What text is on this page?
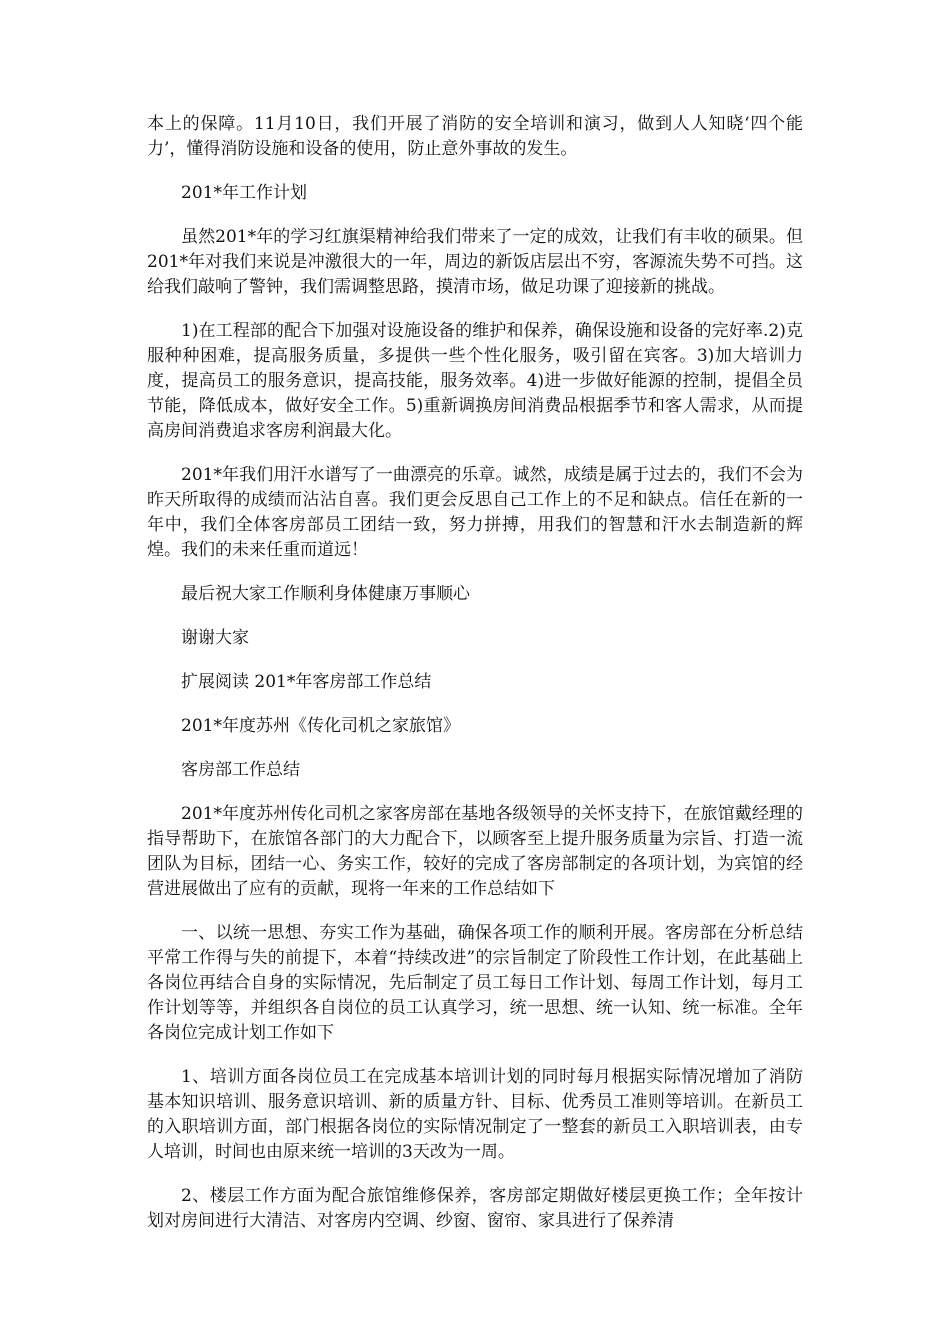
本上的保障。11月10日，我们开展了消防的安全培训和演习，做到人人知晓‘四个能力’，懂得消防设施和设备的使用，防止意外事故的发生。

201*年工作计划

虽然201*年的学习红旗渠精神给我们带来了一定的成效，让我们有丰收的硕果。但201*年对我们来说是冲激很大的一年，周边的新饭店层出不穷，客源流失势不可挡。这给我们敲响了警钟，我们需调整思路，摸清市场，做足功课了迎接新的挑战。

1)在工程部的配合下加强对设施设备的维护和保养，确保设施和设备的完好率.2)克服种种困难，提高服务质量，多提供一些个性化服务，吸引留在宾客。3)加大培训力度，提高员工的服务意识，提高技能，服务效率。4)进一步做好能源的控制，提倡全员节能，降低成本，做好安全工作。5)重新调换房间消费品根据季节和客人需求，从而提高房间消费追求客房利润最大化。

201*年我们用汗水谱写了一曲漂亮的乐章。诚然，成绩是属于过去的，我们不会为昨天所取得的成绩而沾沾自喜。我们更会反思自己工作上的不足和缺点。信任在新的一年中，我们全体客房部员工团结一致，努力拼搏，用我们的智慧和汗水去制造新的辉煌。我们的未来任重而道远！

最后祝大家工作顺利身体健康万事顺心

谢谢大家

扩展阅读 201*年客房部工作总结

201*年度苏州《传化司机之家旅馆》

客房部工作总结

201*年度苏州传化司机之家客房部在基地各级领导的关怀支持下，在旅馆戴经理的指导帮助下，在旅馆各部门的大力配合下，以顾客至上提升服务质量为宗旨、打造一流团队为目标，团结一心、务实工作，较好的完成了客房部制定的各项计划，为宾馆的经营进展做出了应有的贡献，现将一年来的工作总结如下

一、以统一思想、夯实工作为基础，确保各项工作的顺利开展。客房部在分析总结平常工作得与失的前提下，本着“持续改进”的宗旨制定了阶段性工作计划，在此基础上各岗位再结合自身的实际情况，先后制定了员工每日工作计划、每周工作计划，每月工作计划等等，并组织各自岗位的员工认真学习，统一思想、统一认知、统一标准。全年各岗位完成计划工作如下

1、培训方面各岗位员工在完成基本培训计划的同时每月根据实际情况增加了消防基本知识培训、服务意识培训、新的质量方针、目标、优秀员工准则等培训。在新员工的入职培训方面，部门根据各岗位的实际情况制定了一整套的新员工入职培训表，由专人培训，时间也由原来统一培训的3天改为一周。

2、楼层工作方面为配合旅馆维修保养，客房部定期做好楼层更换工作；全年按计划对房间进行大清洁、对客房内空调、纱窗、窗帘、家具进行了保养清
